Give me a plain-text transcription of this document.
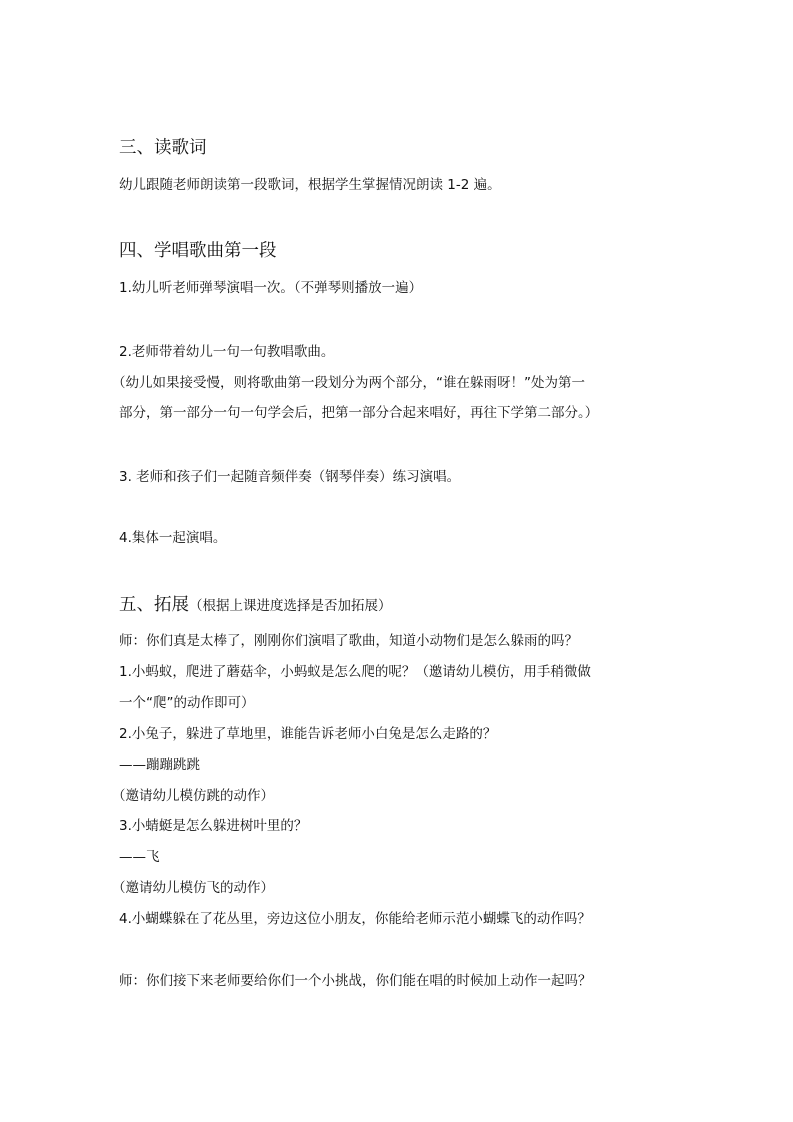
三、读歌词

幼儿跟随老师朗读第一段歌词，根据学生掌握情况朗读 1-2 遍。

四、学唱歌曲第一段

1.幼儿听老师弹琴演唱一次。（不弹琴则播放一遍）

2.老师带着幼儿一句一句教唱歌曲。

（幼儿如果接受慢，则将歌曲第一段划分为两个部分，“谁在躲雨呀！”处为第一

部分，第一部分一句一句学会后，把第一部分合起来唱好，再往下学第二部分。）

3. 老师和孩子们一起随音频伴奏（钢琴伴奏）练习演唱。

4.集体一起演唱。

五、拓展（根据上课进度选择是否加拓展）

师：你们真是太棒了，刚刚你们演唱了歌曲，知道小动物们是怎么躲雨的吗？

1.小蚂蚁，爬进了蘑菇伞，小蚂蚁是怎么爬的呢？（邀请幼儿模仿，用手稍微做

一个“爬”的动作即可）

2.小兔子，躲进了草地里，谁能告诉老师小白兔是怎么走路的？

——蹦蹦跳跳

（邀请幼儿模仿跳的动作）

3.小蜻蜓是怎么躲进树叶里的？

——飞

（邀请幼儿模仿飞的动作）

4.小蝴蝶躲在了花丛里，旁边这位小朋友，你能给老师示范小蝴蝶飞的动作吗？

师：你们接下来老师要给你们一个小挑战，你们能在唱的时候加上动作一起吗？
